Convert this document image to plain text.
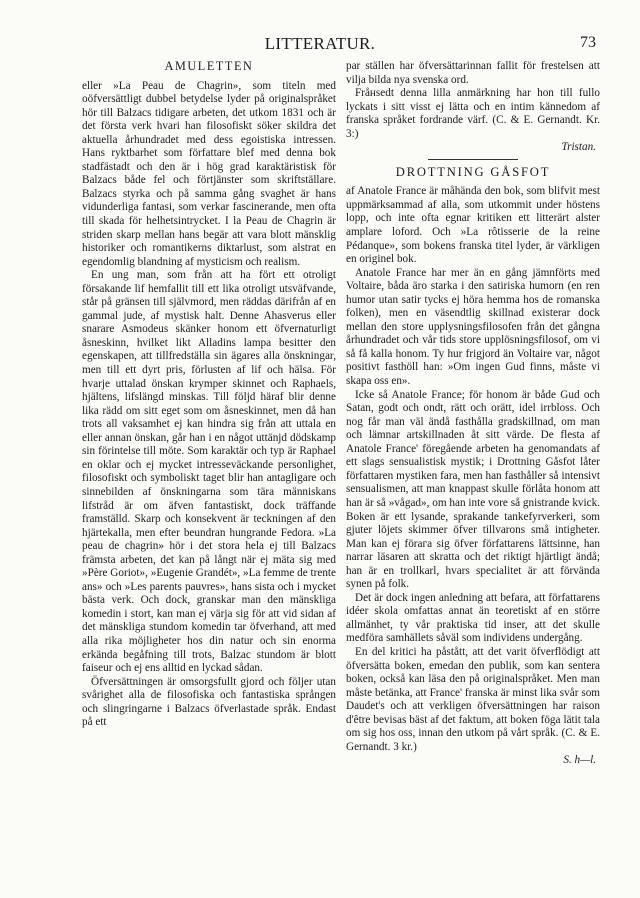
LITTERATUR.	73
AMULETTEN

eller »La Peau de Chagrin», som titeln med oöfversättligt dubbel betydelse lyder på originalspråket hör till Balzacs tidigare arbeten, det utkom 1831 och är det första verk hvari han filosofiskt söker skildra det aktuella århundradet med dess egoistiska intressen. Hans ryktbarhet som författare blef med denna bok stadfästadt och den är i hög grad karaktäristisk för Balzacs både fel och förtjänster som skriftställare. Balzacs styrka och på samma gång svaghet är hans vidunderliga fantasi, som verkar fascinerande, men ofta till skada för helhetsintrycket. I la Peau de Chagrin är striden skarp mellan hans begär att vara blott mänsklig historiker och romantikerns diktarlust, som alstrat en egendomlig blandning af mysticism och realism.

En ung man, som från att ha fört ett otroligt försakande lif hemfallit till ett lika otroligt utsväfvande, står på gränsen till självmord, men räddas därifrån af en gammal jude, af mystisk halt. Denne Ahasverus eller snarare Asmodeus skänker honom ett öfvernaturligt åsneskinn, hvilket likt Alladins lampa besitter den egenskapen, att tillfredställa sin ägares alla önskningar, men till ett dyrt pris, förlusten af lif och hälsa. För hvarje uttalad önskan krymper skinnet och Raphaels, hjältens, lifslängd minskas. Till följd häraf blir denne lika rädd om sitt eget som om åsneskinnet, men då han trots all vaksamhet ej kan hindra sig från att uttala en eller annan önskan, går han i en något uttänjd dödskamp sin förintelse till möte. Som karaktär och typ är Raphael en oklar och ej mycket intresseväckande personlighet, filosofiskt och symboliskt taget blir han antagligare och sinnebilden af önskningarna som tära människans lifstråd är om äfven fantastiskt, dock träffande framställd. Skarp och konsekvent är teckningen af den hjärtekalla, men efter beundran hungrande Fedora. »La peau de chagrin» hör i det stora hela ej till Balzacs främsta arbeten, det kan på långt när ej mäta sig med »Père Goriot», »Eugenie Grandét», »La femme de trente ans» och »Les parents pauvres», hans sista och i mycket bästa verk. Och dock, granskar man den mänskliga komedin i stort, kan man ej värja sig för att vid sidan af det mänskliga stundom komedin tar öfverhand, att med alla rika möjligheter hos din natur och sin enorma erkända begåfning till trots, Balzac stundom är blott faiseur och ej ens alltid en lyckad sådan.

Öfversättningen är omsorgsfullt gjord och följer utan svårighet alla de filosofiska och fantastiska sprången och slingringarne i Balzacs öfverlastade språk. Endast på ett

par ställen har öfversättarinnan fallit för frestelsen att vilja bilda nya svenska ord.

Fråнsedt denna lilla anmärkning har hon till fullo lyckats i sitt visst ej lätta och en intim kännedom af franska språket fordrande värf. (C. & E. Gernandt. Kr. 3:)

Tristan.

DROTTNING GÅSFOT

af Anatole France är måhända den bok, som blifvit mest uppmärksammad af alla, som utkommit under höstens lopp, och inte ofta egnar kritiken ett litterärt alster amplare loford. Och »La rôtisserie de la reine Pédanque», som bokens franska titel lyder, är värkligen en originel bok.

Anatole France har mer än en gång jämnförts med Voltaire, båda äro starka i den satiriska humorn (en ren humor utan satir tycks ej höra hemma hos de romanska folken), men en väsendtlig skillnad existerar dock mellan den store upplysningsfilosofen från det gångna århundradet och vår tids store upplösningsfilosof, om vi så få kalla honom. Ty hur frigjord än Voltaire var, något positivt fasthöll han: »Om ingen Gud finns, måste vi skapa oss en».

Icke så Anatole France; för honom är både Gud och Satan, godt och ondt, rätt och orätt, idel irrbloss. Och nog får man väl ändå fasthålla gradskillnad, om man och lämnar artskillnaden åt sitt värde. De flesta af Anatole France' föregående arbeten ha genomandats af ett slags sensualistisk mystik; i Drottning Gåsfot låter författaren mystiken fara, men han fasthåller så intensivt sensualismen, att man knappast skulle förlåta honom att han är så »vågad», om han inte vore så gnistrande kvick. Boken är ett lysande, sprakande tankefyrverkeri, som gjuter löjets skimmer öfver tillvarons små intigheter. Man kan ej föraга sig öfver författarens lättsinne, han narrar läsaren att skratta och det riktigt hjärtligt ändå; han är en trollkarl, hvars specialitet är att förvända synen på folk.

Det är dock ingen anledning att befara, att författarens idéer skola omfattas annat än teoretiskt af en större allmänhet, ty vår praktiska tid inser, att det skulle medföra samhällets såväl som individens undergång.

En del kritici ha påstått, att det varit öfverflödigt att öfversätta boken, emedan den publik, som kan sentera boken, också kan läsa den på originalspråket. Men man måste betänka, att France' franska är minst lika svår som Daudet's och att verkligen öfversättningen har raison d'être bevisas bäst af det faktum, att boken föga lätit tala om sig hos oss, innan den utkom på vårt språk. (C. & E. Gernandt. 3 kr.)

S. h—l.
